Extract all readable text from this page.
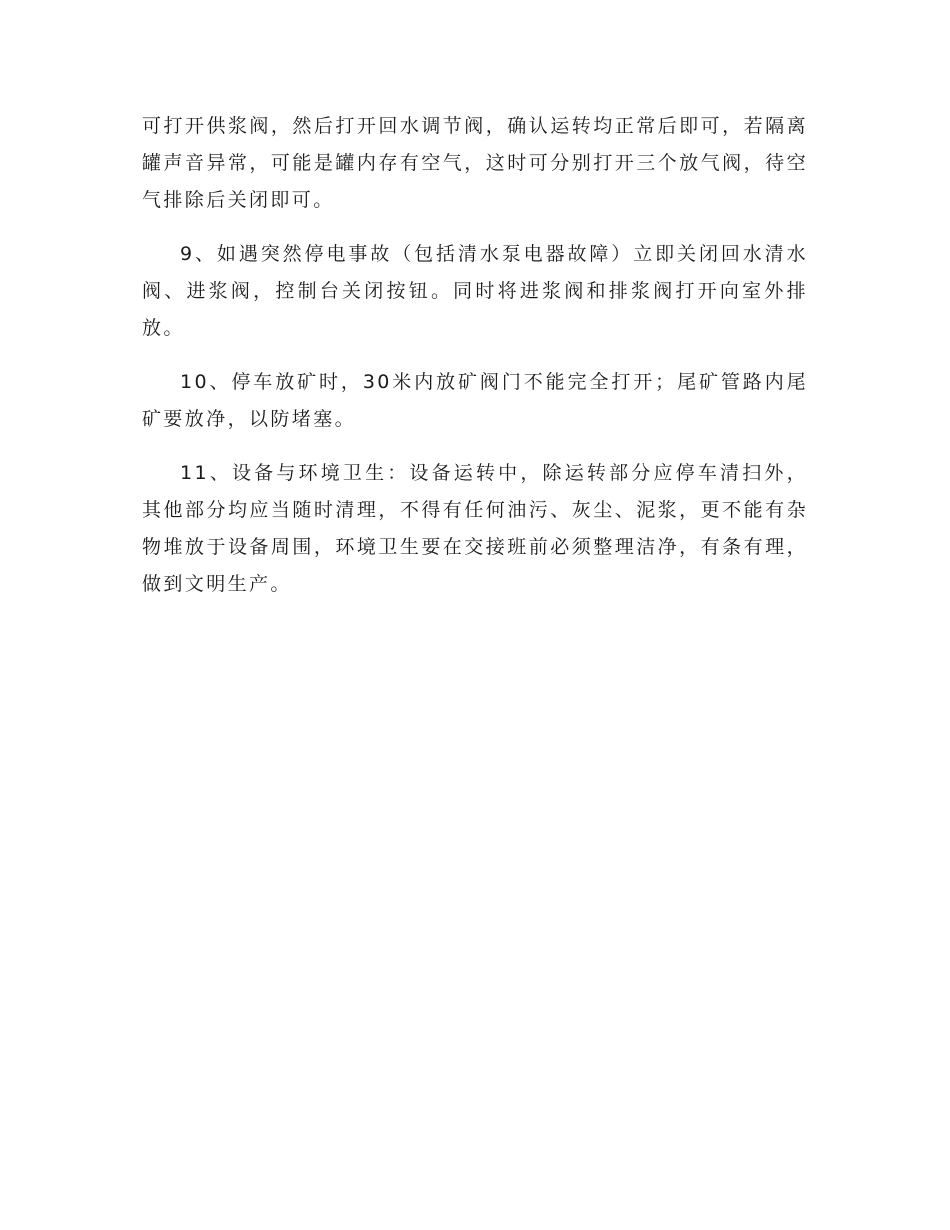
可打开供浆阀，然后打开回水调节阀，确认运转均正常后即可，若隔离罐声音异常，可能是罐内存有空气，这时可分别打开三个放气阀，待空气排除后关闭即可。

9、如遇突然停电事故（包括清水泵电器故障）立即关闭回水清水阀、进浆阀，控制台关闭按钮。同时将进浆阀和排浆阀打开向室外排放。

10、停车放矿时，30米内放矿阀门不能完全打开；尾矿管路内尾矿要放净，以防堵塞。

11、设备与环境卫生：设备运转中，除运转部分应停车清扫外，其他部分均应当随时清理，不得有任何油污、灰尘、泥浆，更不能有杂物堆放于设备周围，环境卫生要在交接班前必须整理洁净，有条有理，做到文明生产。
